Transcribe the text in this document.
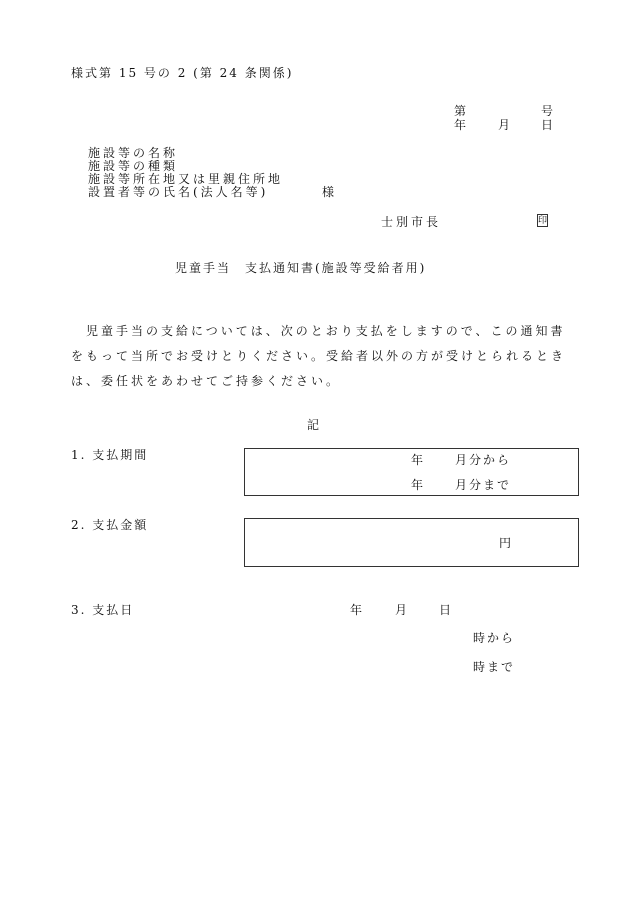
様式第 15 号の 2 (第 24 条関係)
第	号
年	月	日
施設等の名称
施設等の種類
施設等所在地又は里親住所地
設置者等の氏名(法人名等)	様
士別市長	印
児童手当　支払通知書(施設等受給者用)
　児童手当の支給については、次のとおり支払をしますので、この通知書
をもって当所でお受けとりください。受給者以外の方が受けとられるとき
は、委任状をあわせてご持参ください。
記
1. 支払期間	年	月分から
年	月分まで
2. 支払金額
円
3. 支払日	年	月	日
時から
時まで
